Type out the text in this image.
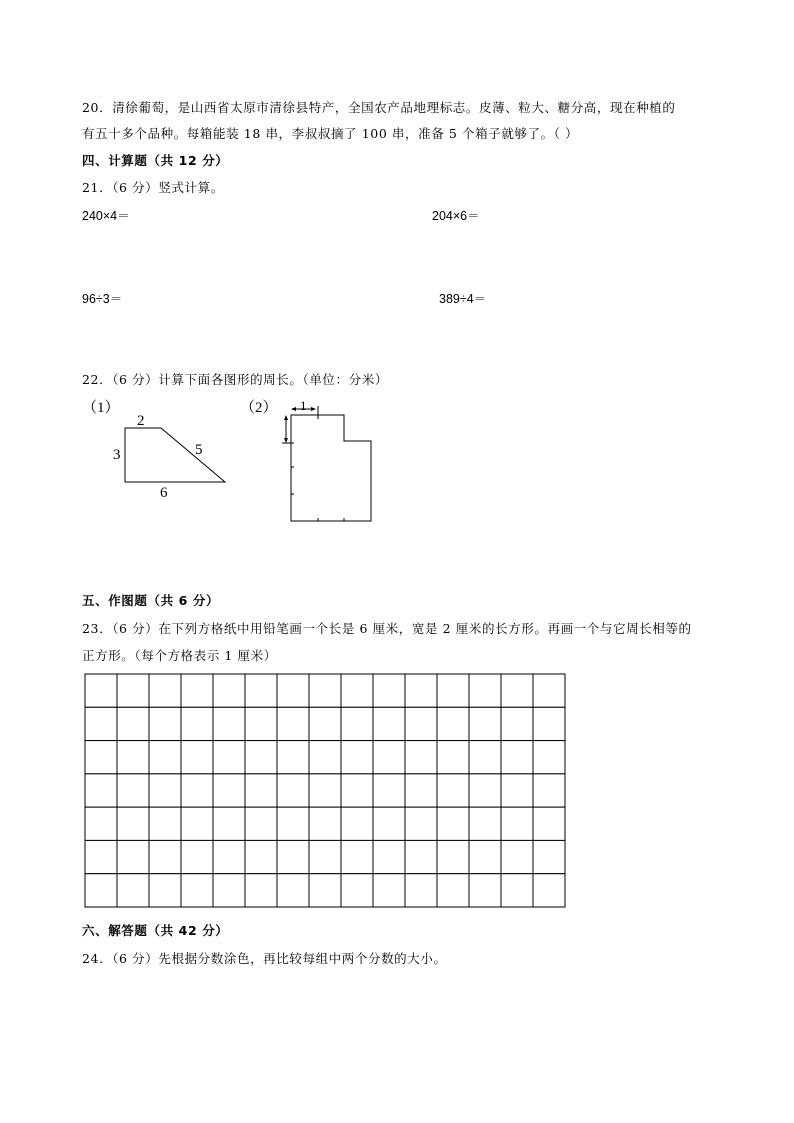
20．清徐葡萄，是山西省太原市清徐县特产，全国农产品地理标志。皮薄、粒大、糖分高，现在种植的
有五十多个品种。每箱能装 18 串，李叔叔摘了 100 串，准备 5 个箱子就够了。（ ）
四、计算题（共 12 分）
21．（6 分）竖式计算。
240×4＝	204×6＝
96÷3＝	389÷4＝
22．（6 分）计算下面各图形的周长。（单位：分米）
（1）
2
3	5
6
（2） 1
五、作图题（共 6 分）
23．（6 分）在下列方格纸中用铅笔画一个长是 6 厘米，宽是 2 厘米的长方形。再画一个与它周长相等的
正方形。（每个方格表示 1 厘米）
六、解答题（共 42 分）
24．（6 分）先根据分数涂色，再比较每组中两个分数的大小。
